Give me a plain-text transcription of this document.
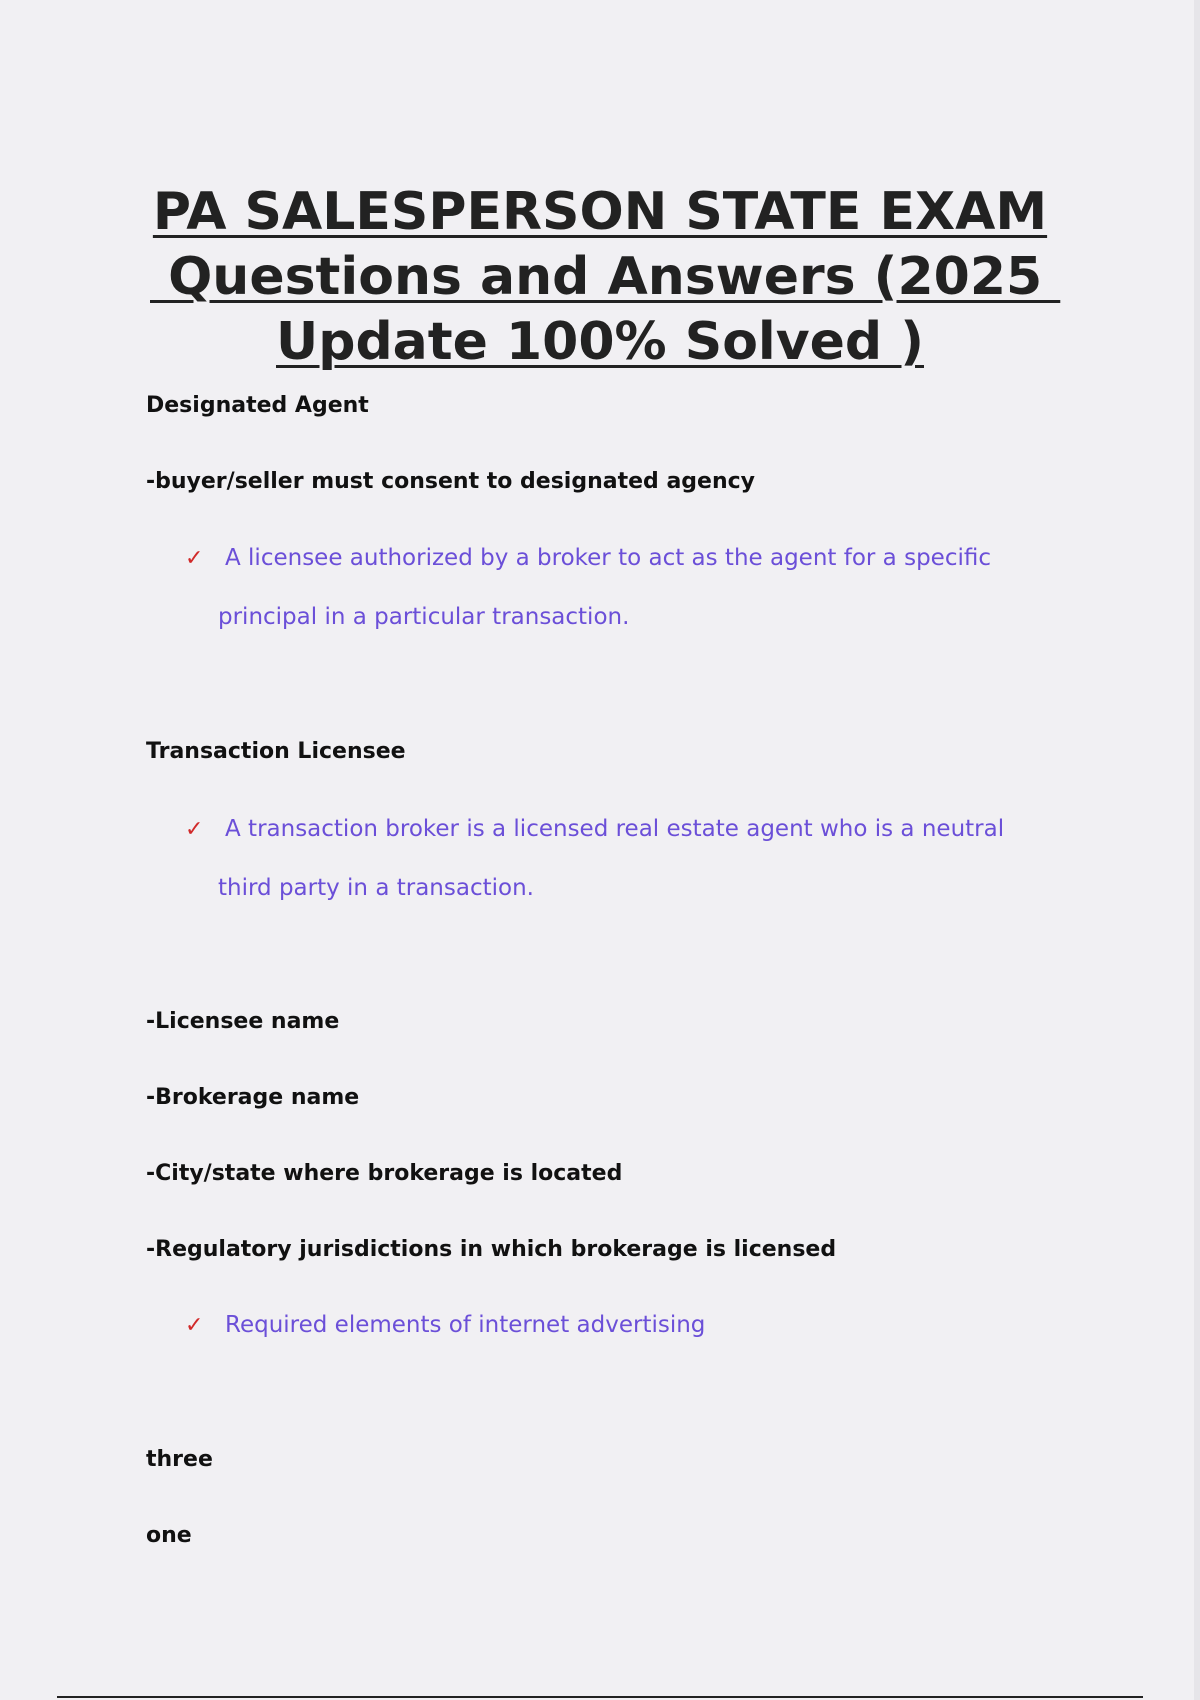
PA SALESPERSON STATE EXAM
Questions and Answers (2025
Update 100% Solved )
Designated Agent
-buyer/seller must consent to designated agency
✓ A licensee authorized by a broker to act as the agent for a specific principal in a particular transaction.
Transaction Licensee
✓ A transaction broker is a licensed real estate agent who is a neutral third party in a transaction.
-Licensee name
-Brokerage name
-City/state where brokerage is located
-Regulatory jurisdictions in which brokerage is licensed
✓ Required elements of internet advertising
three
one
